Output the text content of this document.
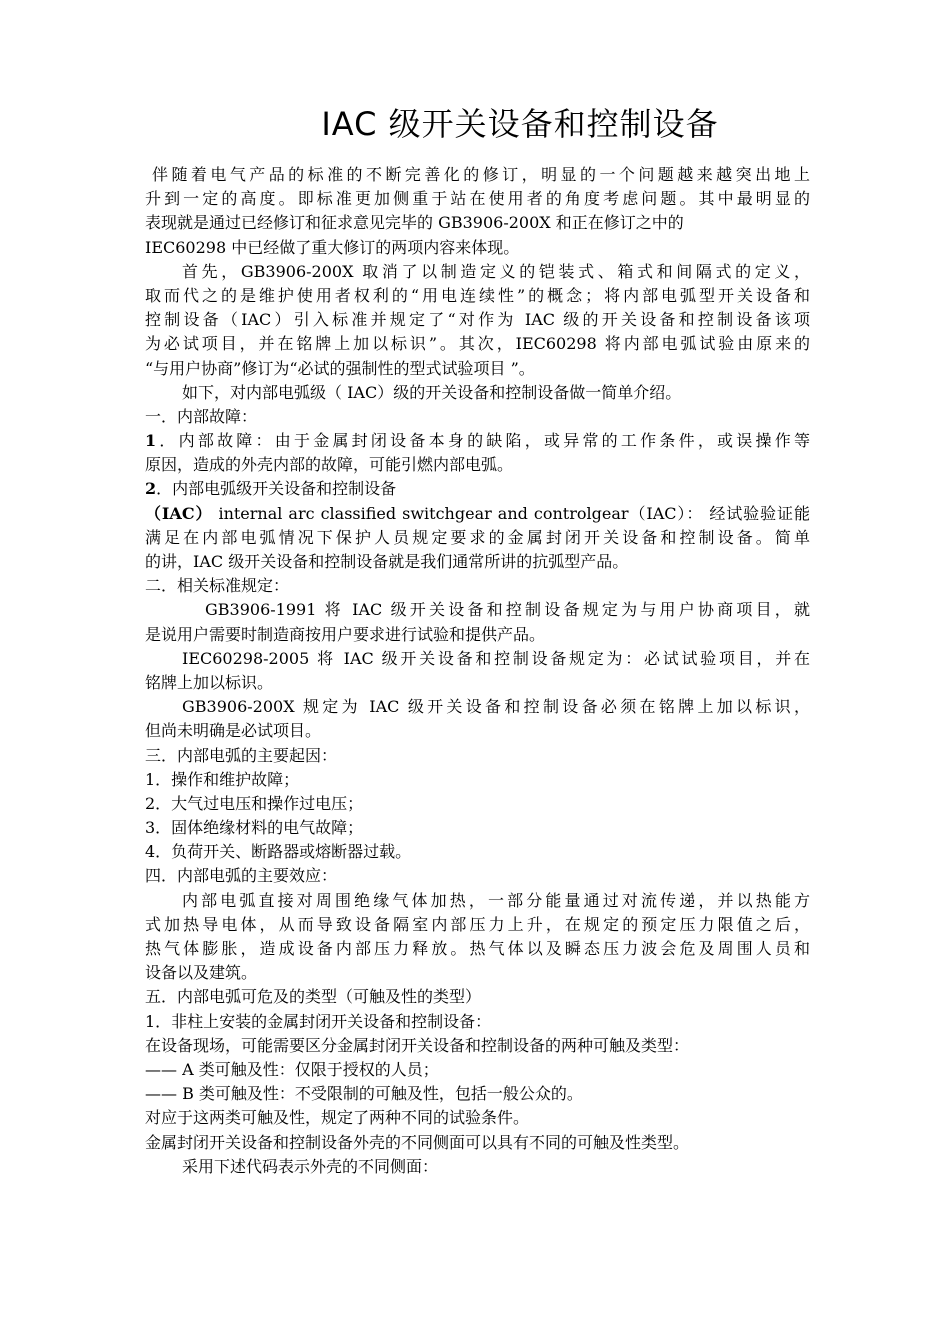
IAC 级开关设备和控制设备
伴随着电气产品的标准的不断完善化的修订，明显的一个问题越来越突出地上
升到一定的高度。即标准更加侧重于站在使用者的角度考虑问题。其中最明显的
表现就是通过已经修订和征求意见完毕的 GB3906-200X 和正在修订之中的
IEC60298 中已经做了重大修订的两项内容来体现。
首先，GB3906-200X 取消了以制造定义的铠装式、箱式和间隔式的定义，
取而代之的是维护使用者权利的“用电连续性”的概念；将内部电弧型开关设备和
控制设备（IAC）引入标准并规定了“对作为 IAC 级的开关设备和控制设备该项
为必试项目，并在铭牌上加以标识”。其次，IEC60298 将内部电弧试验由原来的
“与用户协商”修订为“必试的强制性的型式试验项目 ”。
如下，对内部电弧级（ IAC）级的开关设备和控制设备做一简单介绍。
一．内部故障：
1．内部故障：由于金属封闭设备本身的缺陷，或异常的工作条件，或误操作等
原因，造成的外壳内部的故障，可能引燃内部电弧。
2．内部电弧级开关设备和控制设备
（IAC） internal arc classified switchgear and controlgear（IAC）： 经试验验证能
满足在内部电弧情况下保护人员规定要求的金属封闭开关设备和控制设备。简单
的讲，IAC 级开关设备和控制设备就是我们通常所讲的抗弧型产品。
二．相关标准规定：
GB3906-1991 将 IAC 级开关设备和控制设备规定为与用户协商项目，就
是说用户需要时制造商按用户要求进行试验和提供产品。
IEC60298-2005 将 IAC 级开关设备和控制设备规定为：必试试验项目，并在
铭牌上加以标识。
GB3906-200X 规定为 IAC 级开关设备和控制设备必须在铭牌上加以标识，
但尚未明确是必试项目。
三．内部电弧的主要起因：
1．操作和维护故障；
2．大气过电压和操作过电压；
3．固体绝缘材料的电气故障；
4．负荷开关、断路器或熔断器过载。
四．内部电弧的主要效应：
内部电弧直接对周围绝缘气体加热，一部分能量通过对流传递，并以热能方
式加热导电体，从而导致设备隔室内部压力上升，在规定的预定压力限值之后，
热气体膨胀，造成设备内部压力释放。热气体以及瞬态压力波会危及周围人员和
设备以及建筑。
五．内部电弧可危及的类型（可触及性的类型）
1．非柱上安装的金属封闭开关设备和控制设备：
在设备现场，可能需要区分金属封闭开关设备和控制设备的两种可触及类型：
—— A 类可触及性：仅限于授权的人员；
—— B 类可触及性：不受限制的可触及性，包括一般公众的。
对应于这两类可触及性，规定了两种不同的试验条件。
金属封闭开关设备和控制设备外壳的不同侧面可以具有不同的可触及性类型。
采用下述代码表示外壳的不同侧面：
